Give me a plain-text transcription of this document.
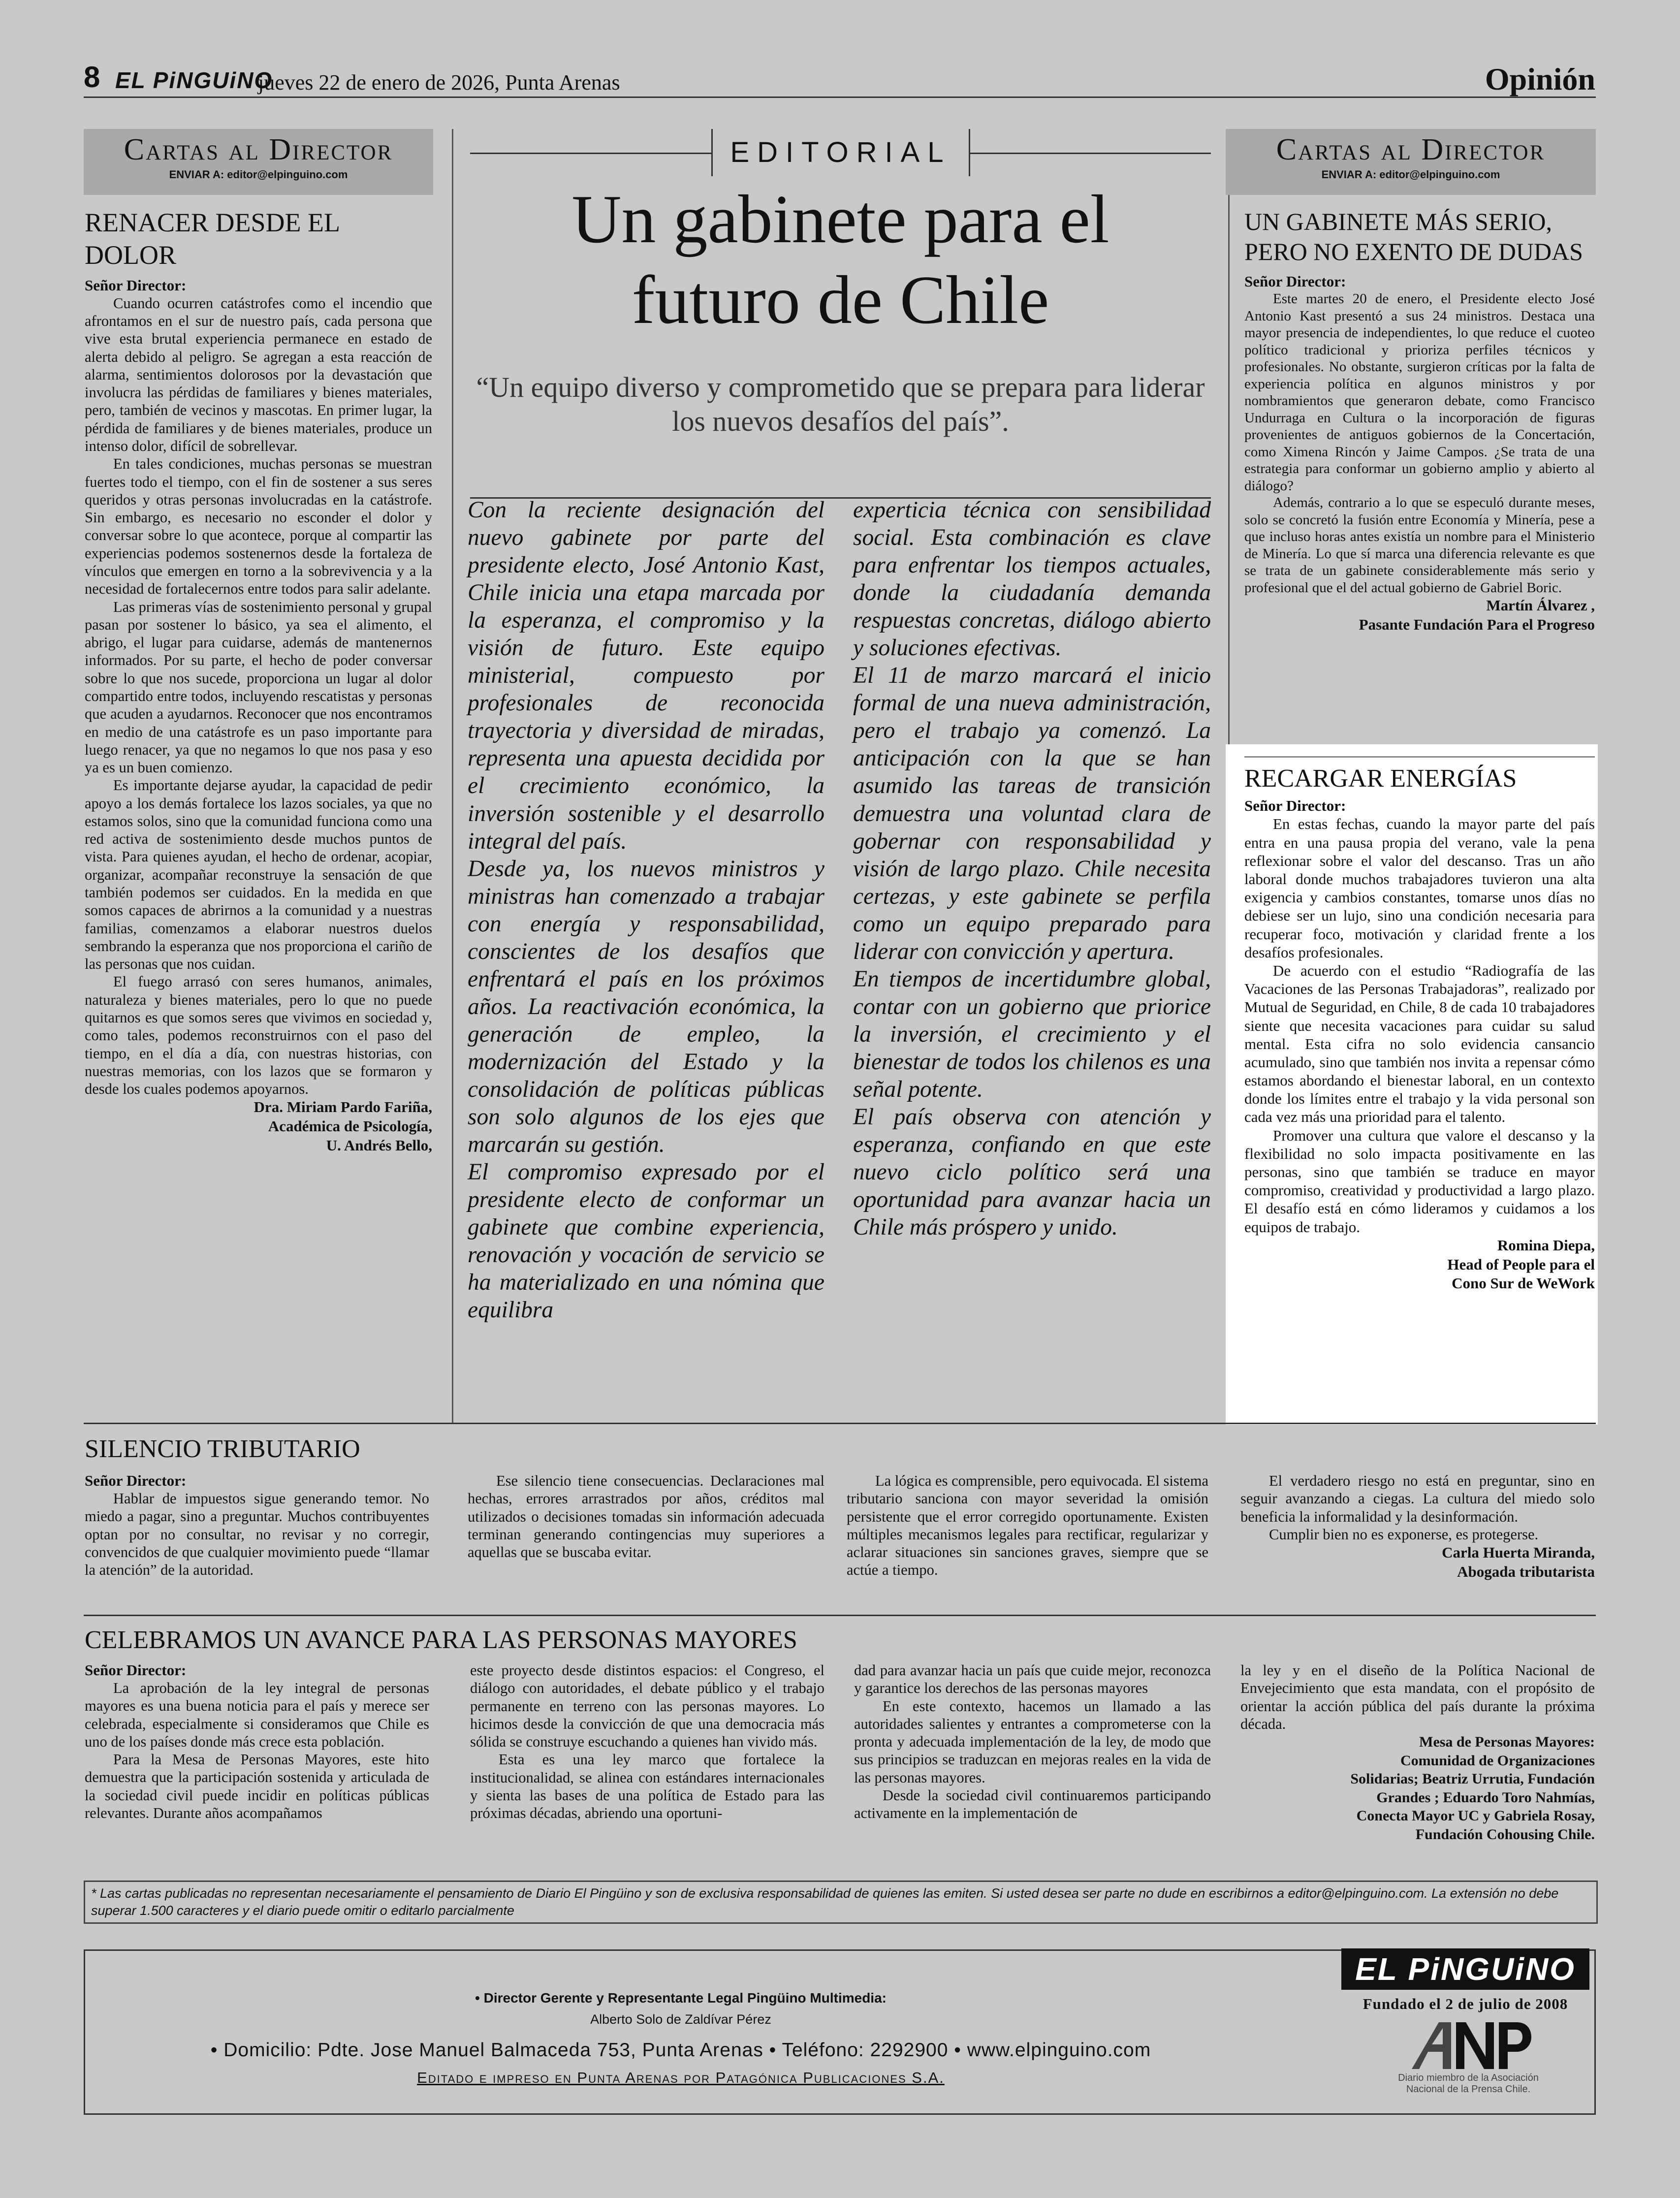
8 EL PiNGUiNO
jueves 22 de enero de 2026, Punta Arenas	Opinión
Cartas al Director
ENVIAR A: editor@elpinguino.com
RENACER DESDE EL DOLOR
Señor Director:

Cuando ocurren catástrofes como el incendio que afrontamos en el sur de nuestro país, cada persona que vive esta brutal experiencia permanece en estado de alerta debido al peligro. Se agregan a esta reacción de alarma, sentimientos dolorosos por la devastación que involucra las pérdidas de familiares y bienes materiales, pero, también de vecinos y mascotas. En primer lugar, la pérdida de familiares y de bienes materiales, produce un intenso dolor, difícil de sobrellevar.

En tales condiciones, muchas personas se muestran fuertes todo el tiempo, con el fin de sostener a sus seres queridos y otras personas involucradas en la catástrofe. Sin embargo, es necesario no esconder el dolor y conversar sobre lo que acontece, porque al compartir las experiencias podemos sostenernos desde la fortaleza de vínculos que emergen en torno a la sobrevivencia y a la necesidad de fortalecernos entre todos para salir adelante.

Las primeras vías de sostenimiento personal y grupal pasan por sostener lo básico, ya sea el alimento, el abrigo, el lugar para cuidarse, además de mantenernos informados. Por su parte, el hecho de poder conversar sobre lo que nos sucede, proporciona un lugar al dolor compartido entre todos, incluyendo rescatistas y personas que acuden a ayudarnos. Reconocer que nos encontramos en medio de una catástrofe es un paso importante para luego renacer, ya que no negamos lo que nos pasa y eso ya es un buen comienzo.

Es importante dejarse ayudar, la capacidad de pedir apoyo a los demás fortalece los lazos sociales, ya que no estamos solos, sino que la comunidad funciona como una red activa de sostenimiento desde muchos puntos de vista. Para quienes ayudan, el hecho de ordenar, acopiar, organizar, acompañar reconstruye la sensación de que también podemos ser cuidados. En la medida en que somos capaces de abrirnos a la comunidad y a nuestras familias, comenzamos a elaborar nuestros duelos sembrando la esperanza que nos proporciona el cariño de las personas que nos cuidan.

El fuego arrasó con seres humanos, animales, naturaleza y bienes materiales, pero lo que no puede quitarnos es que somos seres que vivimos en sociedad y, como tales, podemos reconstruirnos con el paso del tiempo, en el día a día, con nuestras historias, con nuestras memorias, con los lazos que se formaron y desde los cuales podemos apoyarnos.

Dra. Miriam Pardo Fariña,
Académica de Psicología,
U. Andrés Bello,
EDITORIAL
Un gabinete para el futuro de Chile
“Un equipo diverso y comprometido que se prepara para liderar los nuevos desafíos del país”.

Con la reciente designación del nuevo gabinete por parte del presidente electo, José Antonio Kast, Chile inicia una etapa marcada por la esperanza, el compromiso y la visión de futuro. Este equipo ministerial, compuesto por profesionales de reconocida trayectoria y diversidad de miradas, representa una apuesta decidida por el crecimiento económico, la inversión sostenible y el desarrollo integral del país.

Desde ya, los nuevos ministros y ministras han comenzado a trabajar con energía y responsabilidad, conscientes de los desafíos que enfrentará el país en los próximos años. La reactivación económica, la generación de empleo, la modernización del Estado y la consolidación de políticas públicas son solo algunos de los ejes que marcarán su gestión.

El compromiso expresado por el presidente electo de conformar un gabinete que combine experiencia, renovación y vocación de servicio se ha materializado en una nómina que equilibra

experticia técnica con sensibilidad social. Esta combinación es clave para enfrentar los tiempos actuales, donde la ciudadanía demanda respuestas concretas, diálogo abierto y soluciones efectivas.

El 11 de marzo marcará el inicio formal de una nueva administración, pero el trabajo ya comenzó. La anticipación con la que se han asumido las tareas de transición demuestra una voluntad clara de gobernar con responsabilidad y visión de largo plazo. Chile necesita certezas, y este gabinete se perfila como un equipo preparado para liderar con convicción y apertura.

En tiempos de incertidumbre global, contar con un gobierno que priorice la inversión, el crecimiento y el bienestar de todos los chilenos es una señal potente.

El país observa con atención y esperanza, confiando en que este nuevo ciclo político será una oportunidad para avanzar hacia un Chile más próspero y unido.

Cartas al Director
ENVIAR A: editor@elpinguino.com
UN GABINETE MÁS SERIO, PERO NO EXENTO DE DUDAS
Señor Director:

Este martes 20 de enero, el Presidente electo José Antonio Kast presentó a sus 24 ministros. Destaca una mayor presencia de independientes, lo que reduce el cuoteo político tradicional y prioriza perfiles técnicos y profesionales. No obstante, surgieron críticas por la falta de experiencia política en algunos ministros y por nombramientos que generaron debate, como Francisco Undurraga en Cultura o la incorporación de figuras provenientes de antiguos gobiernos de la Concertación, como Ximena Rincón y Jaime Campos. ¿Se trata de una estrategia para conformar un gobierno amplio y abierto al diálogo?

Además, contrario a lo que se especuló durante meses, solo se concretó la fusión entre Economía y Minería, pese a que incluso horas antes existía un nombre para el Ministerio de Minería. Lo que sí marca una diferencia relevante es que se trata de un gabinete considerablemente más serio y profesional que el del actual gobierno de Gabriel Boric.

Martín Álvarez ,
Pasante Fundación Para el Progreso
RECARGAR ENERGÍAS
Señor Director:

En estas fechas, cuando la mayor parte del país entra en una pausa propia del verano, vale la pena reflexionar sobre el valor del descanso. Tras un año laboral donde muchos trabajadores tuvieron una alta exigencia y cambios constantes, tomarse unos días no debiese ser un lujo, sino una condición necesaria para recuperar foco, motivación y claridad frente a los desafíos profesionales.

De acuerdo con el estudio “Radiografía de las Vacaciones de las Personas Trabajadoras”, realizado por Mutual de Seguridad, en Chile, 8 de cada 10 trabajadores siente que necesita vacaciones para cuidar su salud mental. Esta cifra no solo evidencia cansancio acumulado, sino que también nos invita a repensar cómo estamos abordando el bienestar laboral, en un contexto donde los límites entre el trabajo y la vida personal son cada vez más una prioridad para el talento.

Promover una cultura que valore el descanso y la flexibilidad no solo impacta positivamente en las personas, sino que también se traduce en mayor compromiso, creatividad y productividad a largo plazo. El desafío está en cómo lideramos y cuidamos a los equipos de trabajo.

Romina Diepa,
Head of People para el
Cono Sur de WeWork
SILENCIO TRIBUTARIO
Señor Director:

Hablar de impuestos sigue generando temor. No miedo a pagar, sino a preguntar. Muchos contribuyentes optan por no consultar, no revisar y no corregir, convencidos de que cualquier movimiento puede “llamar la atención” de la autoridad.

Ese silencio tiene consecuencias. Declaraciones mal hechas, errores arrastrados por años, créditos mal utilizados o decisiones tomadas sin información adecuada terminan generando contingencias muy superiores a aquellas que se buscaba evitar.

La lógica es comprensible, pero equivocada. El sistema tributario sanciona con mayor severidad la omisión persistente que el error corregido oportunamente. Existen múltiples mecanismos legales para rectificar, regularizar y aclarar situaciones sin sanciones graves, siempre que se actúe a tiempo.

El verdadero riesgo no está en preguntar, sino en seguir avanzando a ciegas. La cultura del miedo solo beneficia la informalidad y la desinformación.

Cumplir bien no es exponerse, es protegerse.

Carla Huerta Miranda,
Abogada tributarista
CELEBRAMOS UN AVANCE PARA LAS PERSONAS MAYORES
Señor Director:

La aprobación de la ley integral de personas mayores es una buena noticia para el país y merece ser celebrada, especialmente si consideramos que Chile es uno de los países donde más crece esta población.

Para la Mesa de Personas Mayores, este hito demuestra que la participación sostenida y articulada de la sociedad civil puede incidir en políticas públicas relevantes. Durante años acompañamos

este proyecto desde distintos espacios: el Congreso, el diálogo con autoridades, el debate público y el trabajo permanente en terreno con las personas mayores. Lo hicimos desde la convicción de que una democracia más sólida se construye escuchando a quienes han vivido más.

Esta es una ley marco que fortalece la institucionalidad, se alinea con estándares internacionales y sienta las bases de una política de Estado para las próximas décadas, abriendo una oportuni-

dad para avanzar hacia un país que cuide mejor, reconozca y garantice los derechos de las personas mayores

En este contexto, hacemos un llamado a las autoridades salientes y entrantes a comprometerse con la pronta y adecuada implementación de la ley, de modo que sus principios se traduzcan en mejoras reales en la vida de las personas mayores.

Desde la sociedad civil continuaremos participando activamente en la implementación de

la ley y en el diseño de la Política Nacional de Envejecimiento que esta mandata, con el propósito de orientar la acción pública del país durante la próxima década.

Mesa de Personas Mayores:
Comunidad de Organizaciones
Solidarias; Beatriz Urrutia, Fundación
Grandes ; Eduardo Toro Nahmías,
Conecta Mayor UC y Gabriela Rosay,
Fundación Cohousing Chile.
* Las cartas publicadas no representan necesariamente el pensamiento de Diario El Pingüino y son de exclusiva responsabilidad de quienes las emiten. Si usted desea ser parte no dude en escribirnos a editor@elpinguino.com. La extensión no debe superar 1.500 caracteres y el diario puede omitir o editarlo parcialmente
• Director Gerente y Representante Legal Pingüino Multimedia:
Alberto Solo de Zaldívar Pérez
• Domicilio: Pdte. Jose Manuel Balmaceda 753, Punta Arenas • Teléfono: 2292900 • www.elpinguino.com
Editado e impreso en Punta Arenas por Patagónica Publicaciones S.A.
EL PiNGUiNO
Fundado el 2 de julio de 2008
Diario miembro de la Asociación
Nacional de la Prensa Chile.
